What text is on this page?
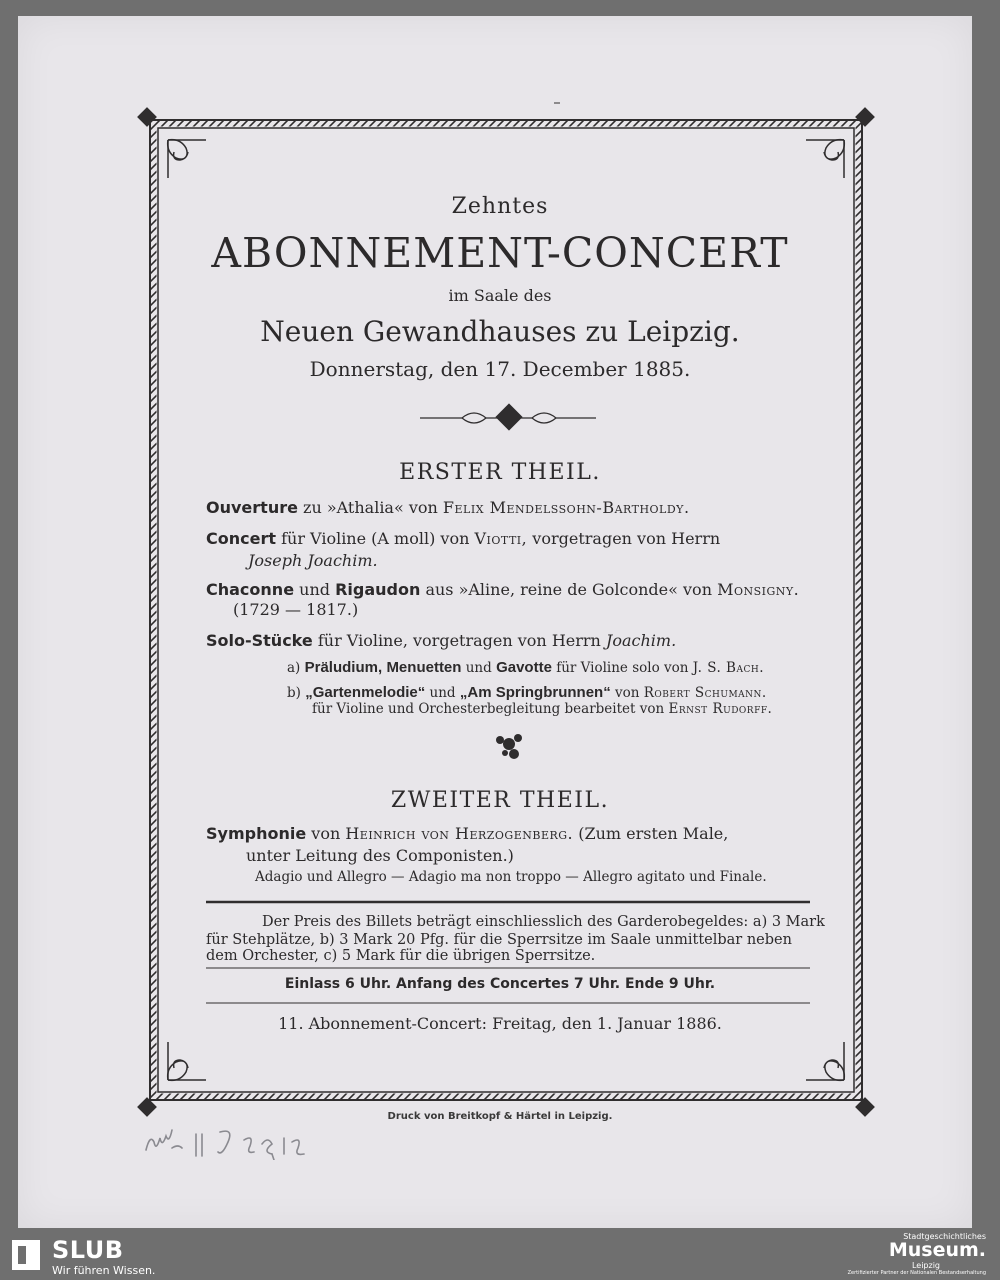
Zehntes
ABONNEMENT-CONCERT
im Saale des
Neuen Gewandhauses zu Leipzig.
Donnerstag, den 17. December 1885.
ERSTER THEIL.
Ouverture zu »Athalia« von Felix Mendelssohn-Bartholdy.
Concert für Violine (A moll) von Viotti, vorgetragen von Herrn
Joseph Joachim.
Chaconne und Rigaudon aus »Aline, reine de Golconde« von Monsigny.
(1729 — 1817.)
Solo-Stücke für Violine, vorgetragen von Herrn Joachim.
a) Präludium, Menuetten und Gavotte für Violine solo von J. S. Bach.
b) „Gartenmelodie“ und „Am Springbrunnen“ von Robert Schumann.
für Violine und Orchesterbegleitung bearbeitet von Ernst Rudorff.
ZWEITER THEIL.
Symphonie von Heinrich von Herzogenberg. (Zum ersten Male,
unter Leitung des Componisten.)
Adagio und Allegro — Adagio ma non troppo — Allegro agitato und Finale.
Der Preis des Billets beträgt einschliesslich des Garderobegeldes: a) 3 Mark
für Stehplätze, b) 3 Mark 20 Pfg. für die Sperrsitze im Saale unmittelbar neben
dem Orchester, c) 5 Mark für die übrigen Sperrsitze.
Einlass 6 Uhr. Anfang des Concertes 7 Uhr. Ende 9 Uhr.
11. Abonnement-Concert: Freitag, den 1. Januar 1886.
Druck von Breitkopf & Härtel in Leipzig.
SLUB
Wir führen Wissen.
Stadtgeschichtliches
Museum.
Leipzig
Zertifizierter Partner der Nationalen Bestandserhaltung
